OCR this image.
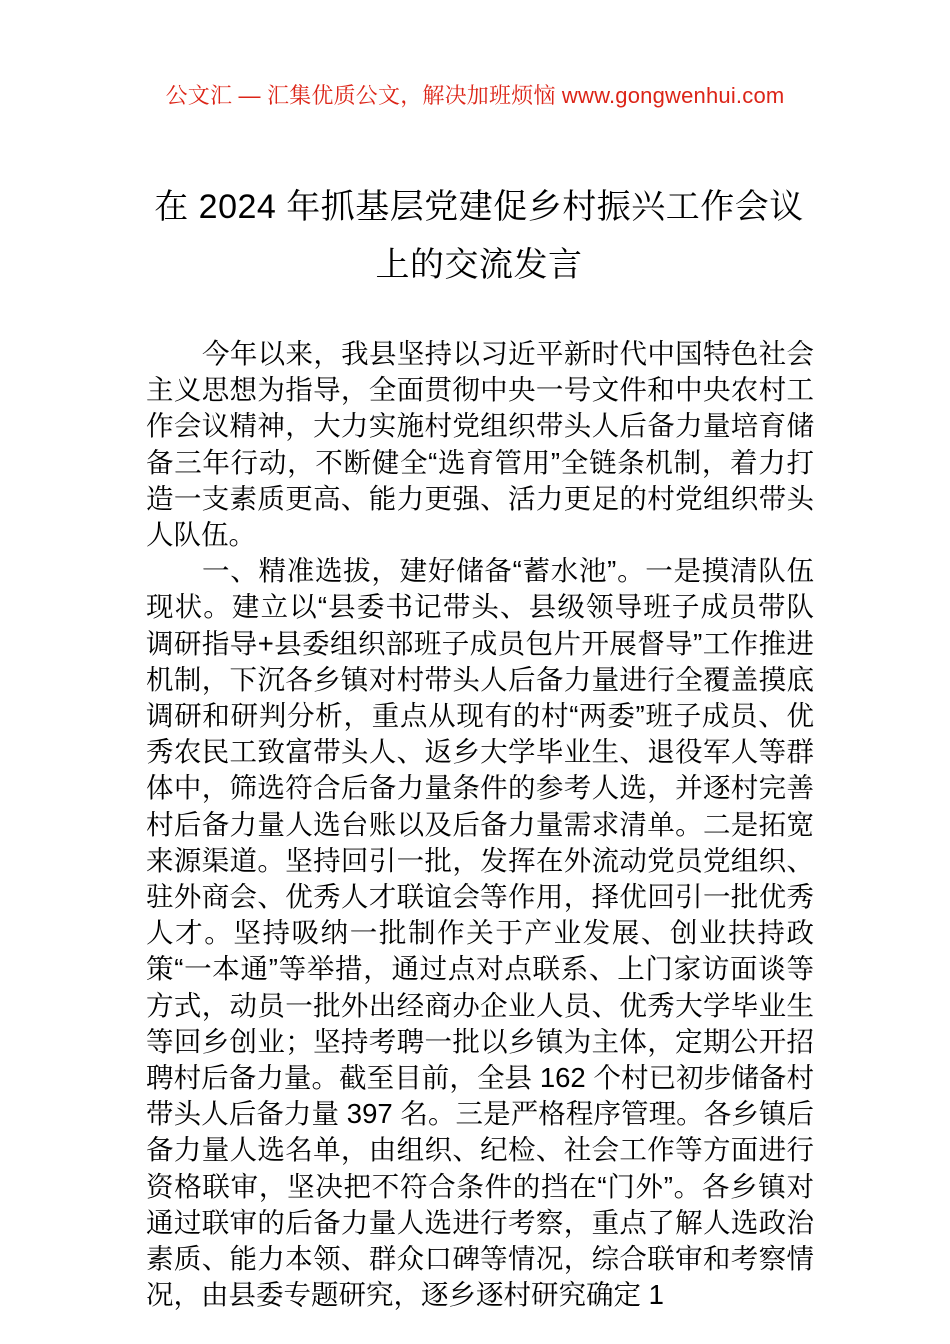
公文汇 — 汇集优质公文，解决加班烦恼 www.gongwenhui.com
在 2024 年抓基层党建促乡村振兴工作会议
上的交流发言

今年以来，我县坚持以习近平新时代中国特色社会主义思想为指导，全面贯彻中央一号文件和中央农村工作会议精神，大力实施村党组织带头人后备力量培育储备三年行动，不断健全“选育管用”全链条机制，着力打造一支素质更高、能力更强、活力更足的村党组织带头人队伍。

一、精准选拔，建好储备“蓄水池”。一是摸清队伍现状。建立以“县委书记带头、县级领导班子成员带队调研指导+县委组织部班子成员包片开展督导”工作推进机制，下沉各乡镇对村带头人后备力量进行全覆盖摸底调研和研判分析，重点从现有的村“两委”班子成员、优秀农民工致富带头人、返乡大学毕业生、退役军人等群体中，筛选符合后备力量条件的参考人选，并逐村完善村后备力量人选台账以及后备力量需求清单。二是拓宽来源渠道。坚持回引一批，发挥在外流动党员党组织、驻外商会、优秀人才联谊会等作用，择优回引一批优秀人才。坚持吸纳一批制作关于产业发展、创业扶持政策“一本通”等举措，通过点对点联系、上门家访面谈等方式，动员一批外出经商办企业人员、优秀大学毕业生等回乡创业；坚持考聘一批以乡镇为主体，定期公开招聘村后备力量。截至目前，全县 162 个村已初步储备村带头人后备力量 397 名。三是严格程序管理。各乡镇后备力量人选名单，由组织、纪检、社会工作等方面进行资格联审，坚决把不符合条件的挡在“门外”。各乡镇对通过联审的后备力量人选进行考察，重点了解人选政治素质、能力本领、群众口碑等情况，综合联审和考察情况，由县委专题研究，逐乡逐村研究确定 1
